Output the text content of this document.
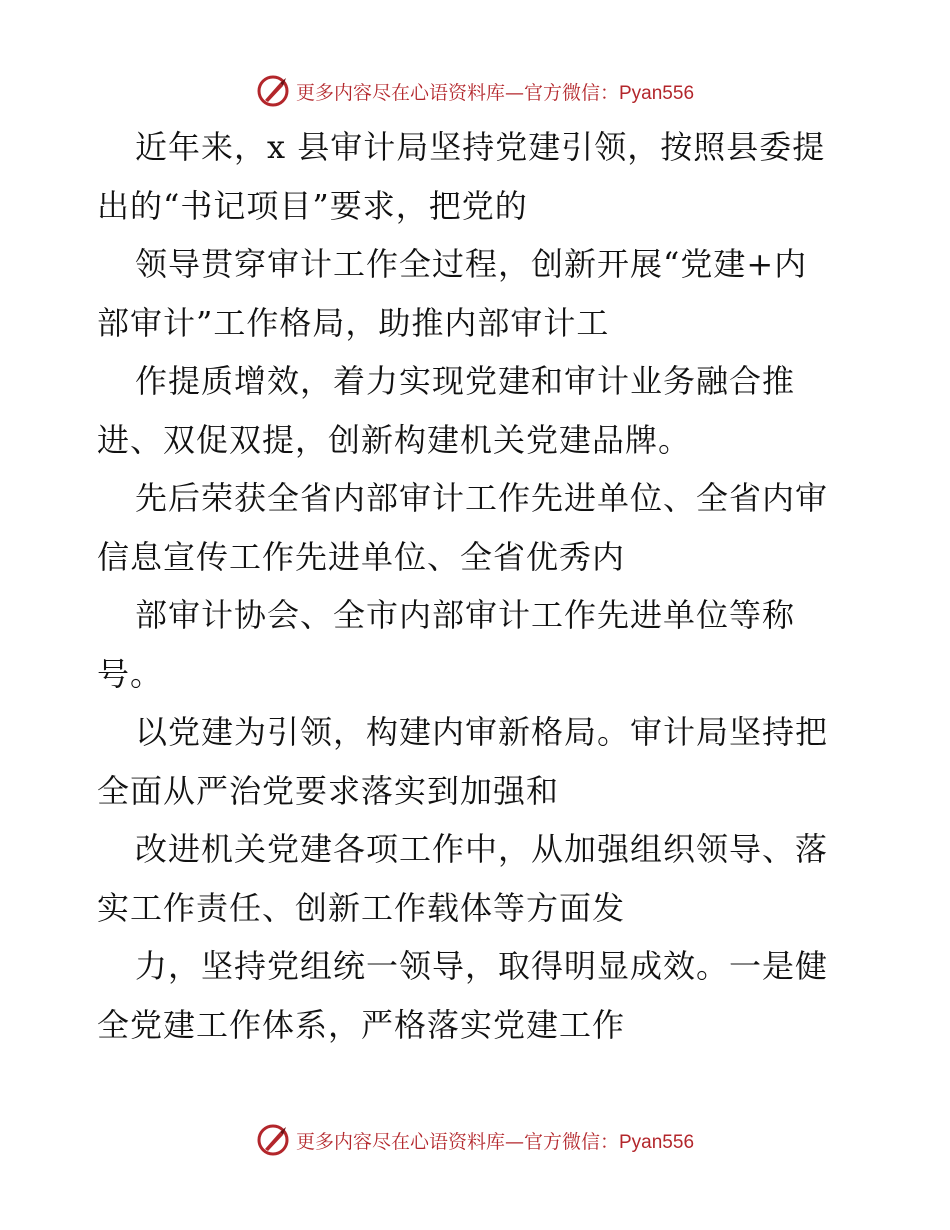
更多内容尽在心语资料库—官方微信：Pyan556
近年来，x 县审计局坚持党建引领，按照县委提
出的“书记项目”要求，把党的
领导贯穿审计工作全过程，创新开展“党建+内
部审计”工作格局，助推内部审计工
作提质增效，着力实现党建和审计业务融合推
进、双促双提，创新构建机关党建品牌。
先后荣获全省内部审计工作先进单位、全省内审
信息宣传工作先进单位、全省优秀内
部审计协会、全市内部审计工作先进单位等称
号。
以党建为引领，构建内审新格局。审计局坚持把
全面从严治党要求落实到加强和
改进机关党建各项工作中，从加强组织领导、落
实工作责任、创新工作载体等方面发
力，坚持党组统一领导，取得明显成效。一是健
全党建工作体系，严格落实党建工作
更多内容尽在心语资料库—官方微信：Pyan556
